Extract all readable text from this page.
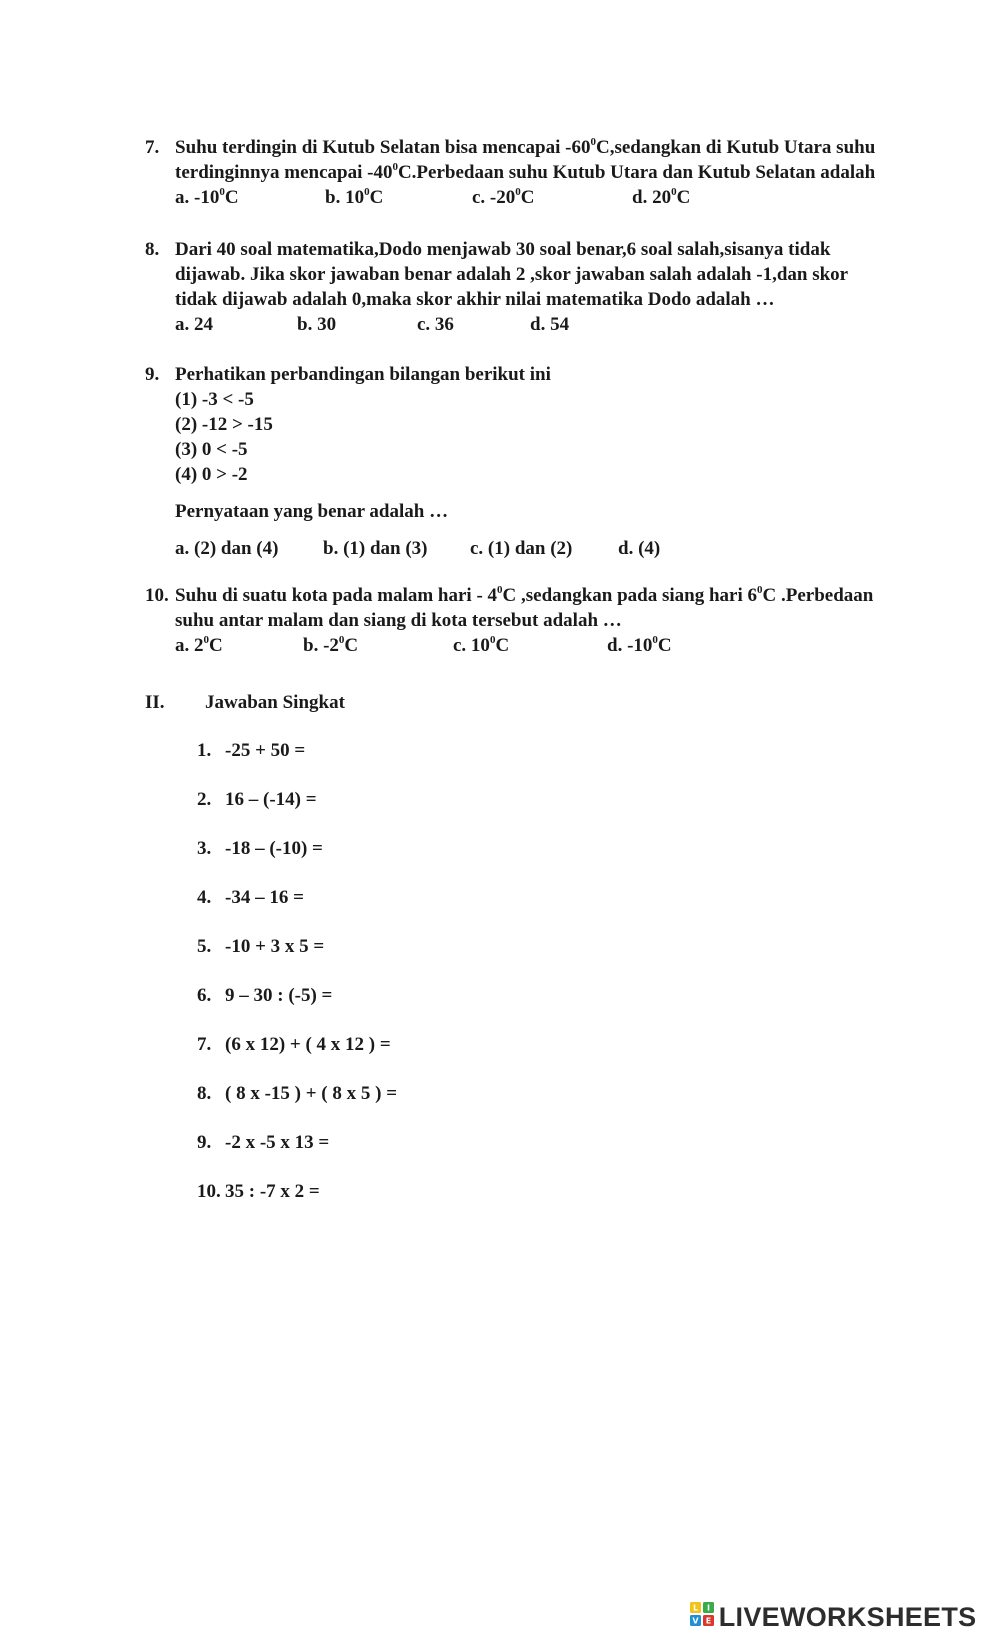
7. Suhu terdingin di Kutub Selatan bisa mencapai $-60^0C,sedangkan$ di Kutub Utara suhu
terdinginnya mencapai $-40^0C.Perbedaan$ suhu Kutub Utara dan Kutub Selatan adalah
a. $-10^0C$	b. $10^0C$	c. $-20^0C$	d. $20^0C$
8. Dari 40 soal matematika,Dodo menjawab 30 soal benar,6 soal salah,sisanya tidak
dijawab. Jika skor jawaban benar adalah 2 ,skor jawaban salah adalah -1,dan skor
tidak dijawab adalah 0,maka skor akhir nilai matematika Dodo adalah …
a. 24	b. 30	c. 36	d. 54
9. Perhatikan perbandingan bilangan berikut ini
(1) -3 < -5
(2) -12 > -15
(3) 0 < -5
(4) 0 > -2
Pernyataan yang benar adalah …
a. (2) dan (4) b. (1) dan (3) c. (1) dan (2) d. (4)
10. Suhu di suatu kota pada malam hari - $4^0C$ ,sedangkan pada siang hari $6^0C$ .Perbedaan
suhu antar malam dan siang di kota tersebut adalah …
a. $2^0C$	b. $-2^0C$	c. $10^0C$	d. $-10^0C$
II. Jawaban Singkat
1. -25 + 50 =
2. 16 – (-14) =
3. -18 – (-10) =
4. -34 – 16 =
5. -10 + 3 x 5 =
6. 9 – 30 : (-5) =
7. (6 x 12) + ( 4 x 12 ) =
8. ( 8 x -15 ) + ( 8 x 5 ) =
9. -2 x -5 x 13 =
10. 35 : -7 x 2 =
L I
V E LIVEWORKSHEETS
